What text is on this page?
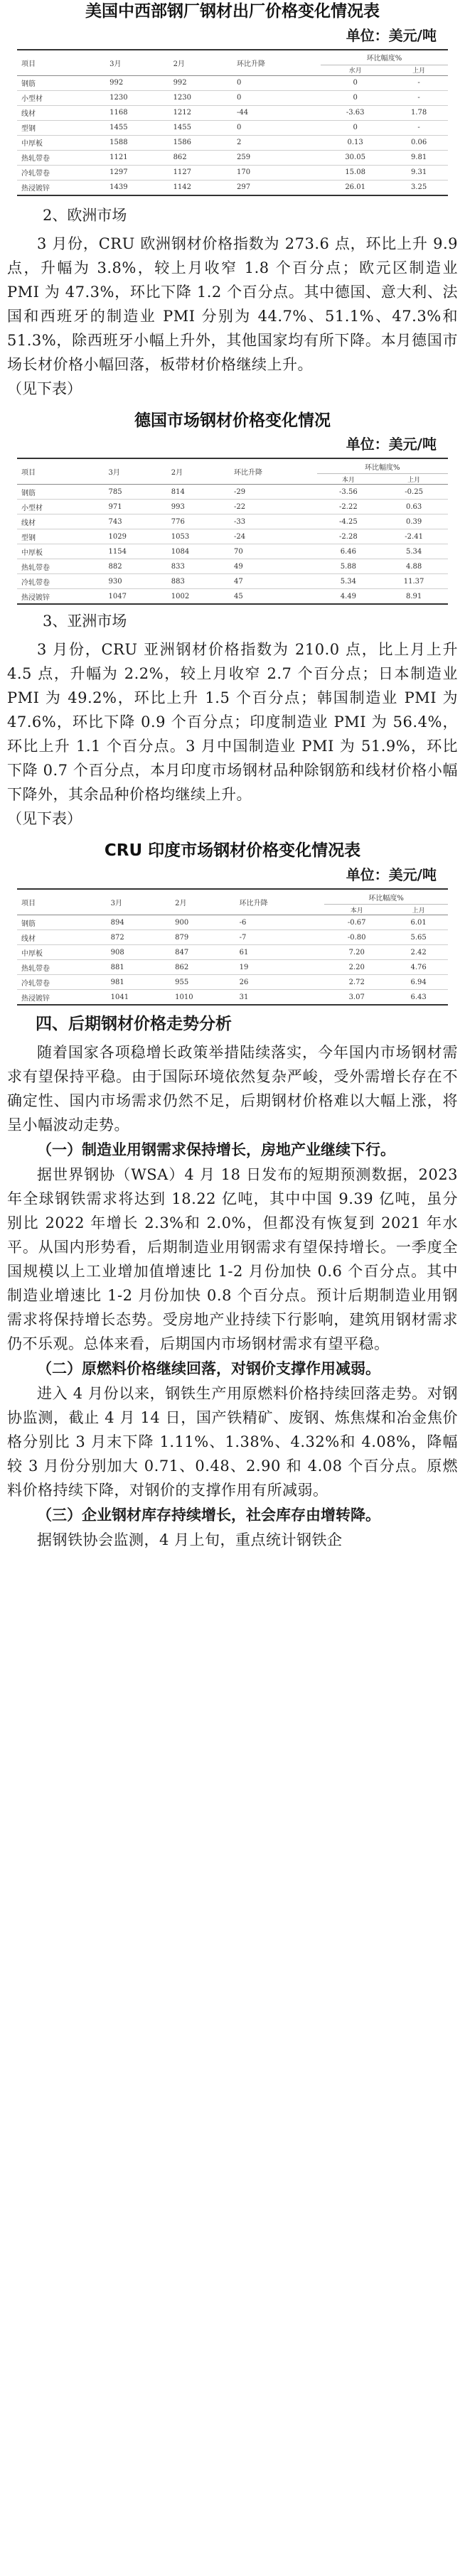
美国中西部钢厂钢材出厂价格变化情况表
单位：美元/吨
项目	3月	2月	环比升降	环比幅度%	
				水月	上月
钢筋	992	992	0	0	-
小型材	1230	1230	0	0	-
线材	1168	1212	-44	-3.63	1.78
型钢	1455	1455	0	0	-
中厚板	1588	1586	2	0.13	0.06
热轧带卷	1121	862	259	30.05	9.81
冷轧带卷	1297	1127	170	15.08	9.31
热浸镀锌	1439	1142	297	26.01	3.25
2、欧洲市场

3 月份，CRU 欧洲钢材价格指数为 273.6 点，环比上升 9.9 点，升幅为 3.8%，较上月收窄 1.8 个百分点；欧元区制造业 PMI 为 47.3%，环比下降 1.2 个百分点。其中德国、意大利、法国和西班牙的制造业 PMI 分别为 44.7%、51.1%、47.3%和 51.3%，除西班牙小幅上升外，其他国家均有所下降。本月德国市场长材价格小幅回落，板带材价格继续上升。

（见下表）

德国市场钢材价格变化情况
单位：美元/吨
项目	3月	2月	环比升降	环比幅度%	
				本月	上月
钢筋	785	814	-29	-3.56	-0.25
小型材	971	993	-22	-2.22	0.63
线材	743	776	-33	-4.25	0.39
型钢	1029	1053	-24	-2.28	-2.41
中厚板	1154	1084	70	6.46	5.34
热轧带卷	882	833	49	5.88	4.88
冷轧带卷	930	883	47	5.34	11.37
热浸镀锌	1047	1002	45	4.49	8.91
3、亚洲市场

3 月份，CRU 亚洲钢材价格指数为 210.0 点，比上月上升 4.5 点，升幅为 2.2%，较上月收窄 2.7 个百分点；日本制造业 PMI 为 49.2%，环比上升 1.5 个百分点；韩国制造业 PMI 为 47.6%，环比下降 0.9 个百分点；印度制造业 PMI 为 56.4%，环比上升 1.1 个百分点。3 月中国制造业 PMI 为 51.9%，环比下降 0.7 个百分点，本月印度市场钢材品种除钢筋和线材价格小幅下降外，其余品种价格均继续上升。

（见下表）

CRU 印度市场钢材价格变化情况表
单位：美元/吨
项目	3月	2月	环比升降	环比幅度%	
				本月	上月
钢筋	894	900	-6	-0.67	6.01
线材	872	879	-7	-0.80	5.65
中厚板	908	847	61	7.20	2.42
热轧带卷	881	862	19	2.20	4.76
冷轧带卷	981	955	26	2.72	6.94
热浸镀锌	1041	1010	31	3.07	6.43
四、后期钢材价格走势分析

随着国家各项稳增长政策举措陆续落实，今年国内市场钢材需求有望保持平稳。由于国际环境依然复杂严峻，受外需增长存在不确定性、国内市场需求仍然不足，后期钢材价格难以大幅上涨，将呈小幅波动走势。

（一）制造业用钢需求保持增长，房地产业继续下行。

据世界钢协（WSA）4 月 18 日发布的短期预测数据，2023 年全球钢铁需求将达到 18.22 亿吨，其中中国 9.39 亿吨，虽分别比 2022 年增长 2.3%和 2.0%，但都没有恢复到 2021 年水平。从国内形势看，后期制造业用钢需求有望保持增长。一季度全国规模以上工业增加值增速比 1-2 月份加快 0.6 个百分点。其中制造业增速比 1-2 月份加快 0.8 个百分点。预计后期制造业用钢需求将保持增长态势。受房地产业持续下行影响，建筑用钢材需求仍不乐观。总体来看，后期国内市场钢材需求有望平稳。

（二）原燃料价格继续回落，对钢价支撑作用减弱。

进入 4 月份以来，钢铁生产用原燃料价格持续回落走势。对钢协监测，截止 4 月 14 日，国产铁精矿、废钢、炼焦煤和冶金焦价格分别比 3 月末下降 1.11%、1.38%、4.32%和 4.08%，降幅较 3 月份分别加大 0.71、0.48、2.90 和 4.08 个百分点。原燃料价格持续下降，对钢价的支撑作用有所减弱。

（三）企业钢材库存持续增长，社会库存由增转降。

据钢铁协会监测，4 月上旬，重点统计钢铁企
